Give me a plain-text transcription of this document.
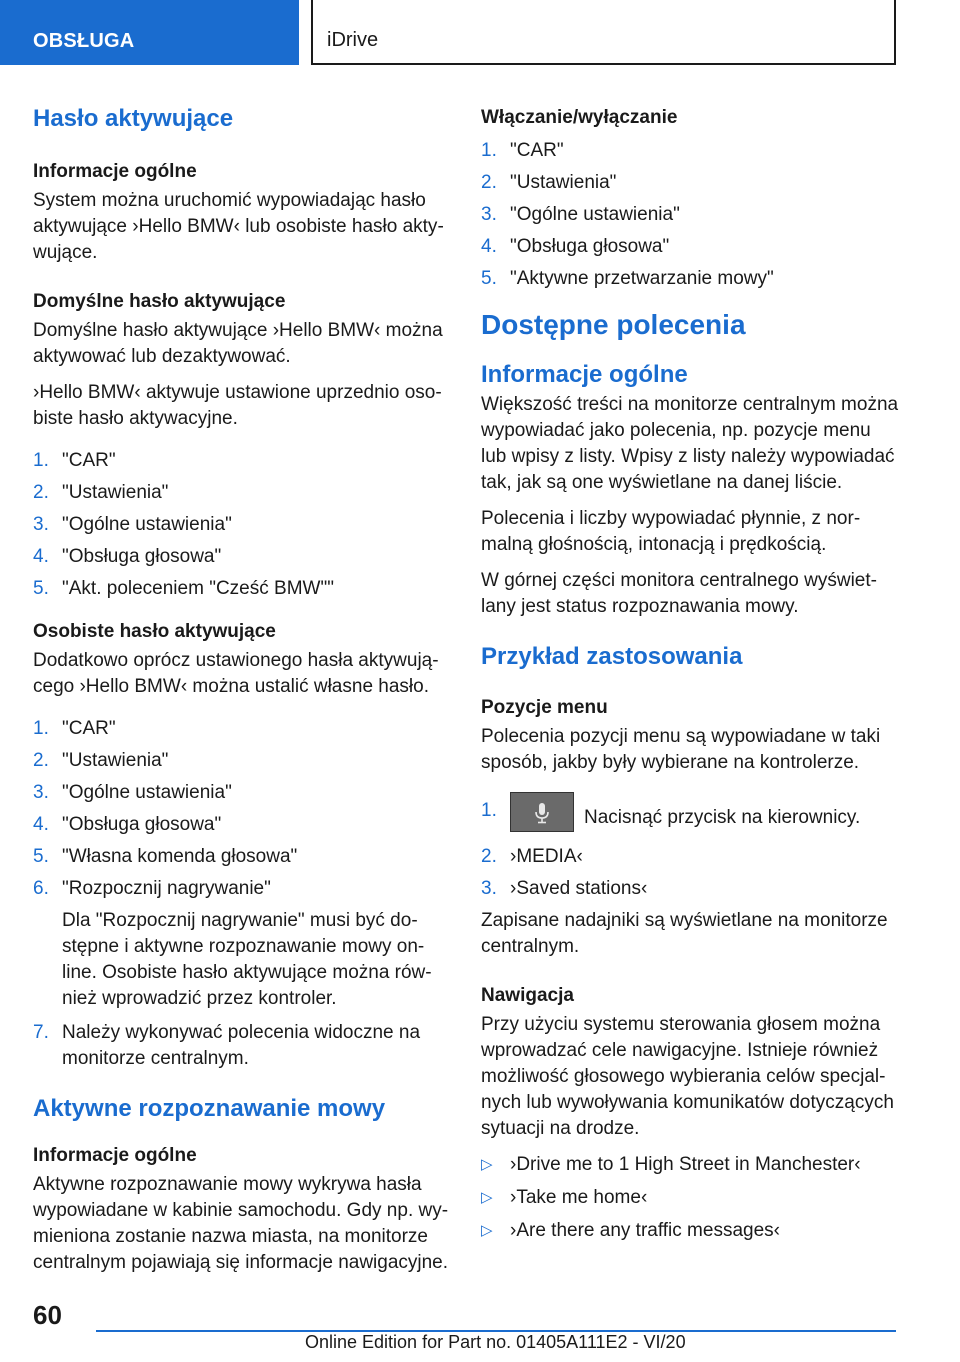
OBSŁUGA	iDrive
Hasło aktywujące
Informacje ogólne

System można uruchomić wypowiadając hasło aktywujące ›Hello BMW‹ lub osobiste hasło aktywujące.

Domyślne hasło aktywujące

Domyślne hasło aktywujące ›Hello BMW‹ można aktywować lub dezaktywować.

›Hello BMW‹ aktywuje ustawione uprzednio osobiste hasło aktywacyjne.

1. "CAR"
2. "Ustawienia"
3. "Ogólne ustawienia"
4. "Obsługa głosowa"
5. "Akt. poleceniem "Cześć BMW""
Osobiste hasło aktywujące

Dodatkowo oprócz ustawionego hasła aktywującego ›Hello BMW‹ można ustalić własne hasło.

1. "CAR"
2. "Ustawienia"
3. "Ogólne ustawienia"
4. "Obsługa głosowa"
5. "Własna komenda głosowa"
6. "Rozpocznij nagrywanie"

Dla "Rozpocznij nagrywanie" musi być dostępne i aktywne rozpoznawanie mowy online. Osobiste hasło aktywujące można również wprowadzić przez kontroler.

7. Należy wykonywać polecenia widoczne na monitorze centralnym.
Aktywne rozpoznawanie mowy
Informacje ogólne

Aktywne rozpoznawanie mowy wykrywa hasła wypowiadane w kabinie samochodu. Gdy np. wymieniona zostanie nazwa miasta, na monitorze centralnym pojawiają się informacje nawigacyjne.

Włączanie/wyłączanie
1. "CAR"
2. "Ustawienia"
3. "Ogólne ustawienia"
4. "Obsługa głosowa"
5. "Aktywne przetwarzanie mowy"
Dostępne polecenia
Informacje ogólne

Większość treści na monitorze centralnym można wypowiadać jako polecenia, np. pozycje menu lub wpisy z listy. Wpisy z listy należy wypowiadać tak, jak są one wyświetlane na danej liście.

Polecenia i liczby wypowiadać płynnie, z normalną głośnością, intonacją i prędkością.

W górnej części monitora centralnego wyświetlany jest status rozpoznawania mowy.

Przykład zastosowania
Pozycje menu

Polecenia pozycji menu są wypowiadane w taki sposób, jakby były wybierane na kontrolerze.

1.	Nacisnąć przycisk na kierownicy.
2. ›MEDIA‹
3. ›Saved stations‹

Zapisane nadajniki są wyświetlane na monitorze centralnym.

Nawigacja

Przy użyciu systemu sterowania głosem można wprowadzać cele nawigacyjne. Istnieje również możliwość głosowego wybierania celów specjalnych lub wywoływania komunikatów dotyczących sytuacji na drodze.

▷ ›Drive me to 1 High Street in Manchester‹
▷ ›Take me home‹
▷ ›Are there any traffic messages‹
60
Online Edition for Part no. 01405A111E2 - VI/20
